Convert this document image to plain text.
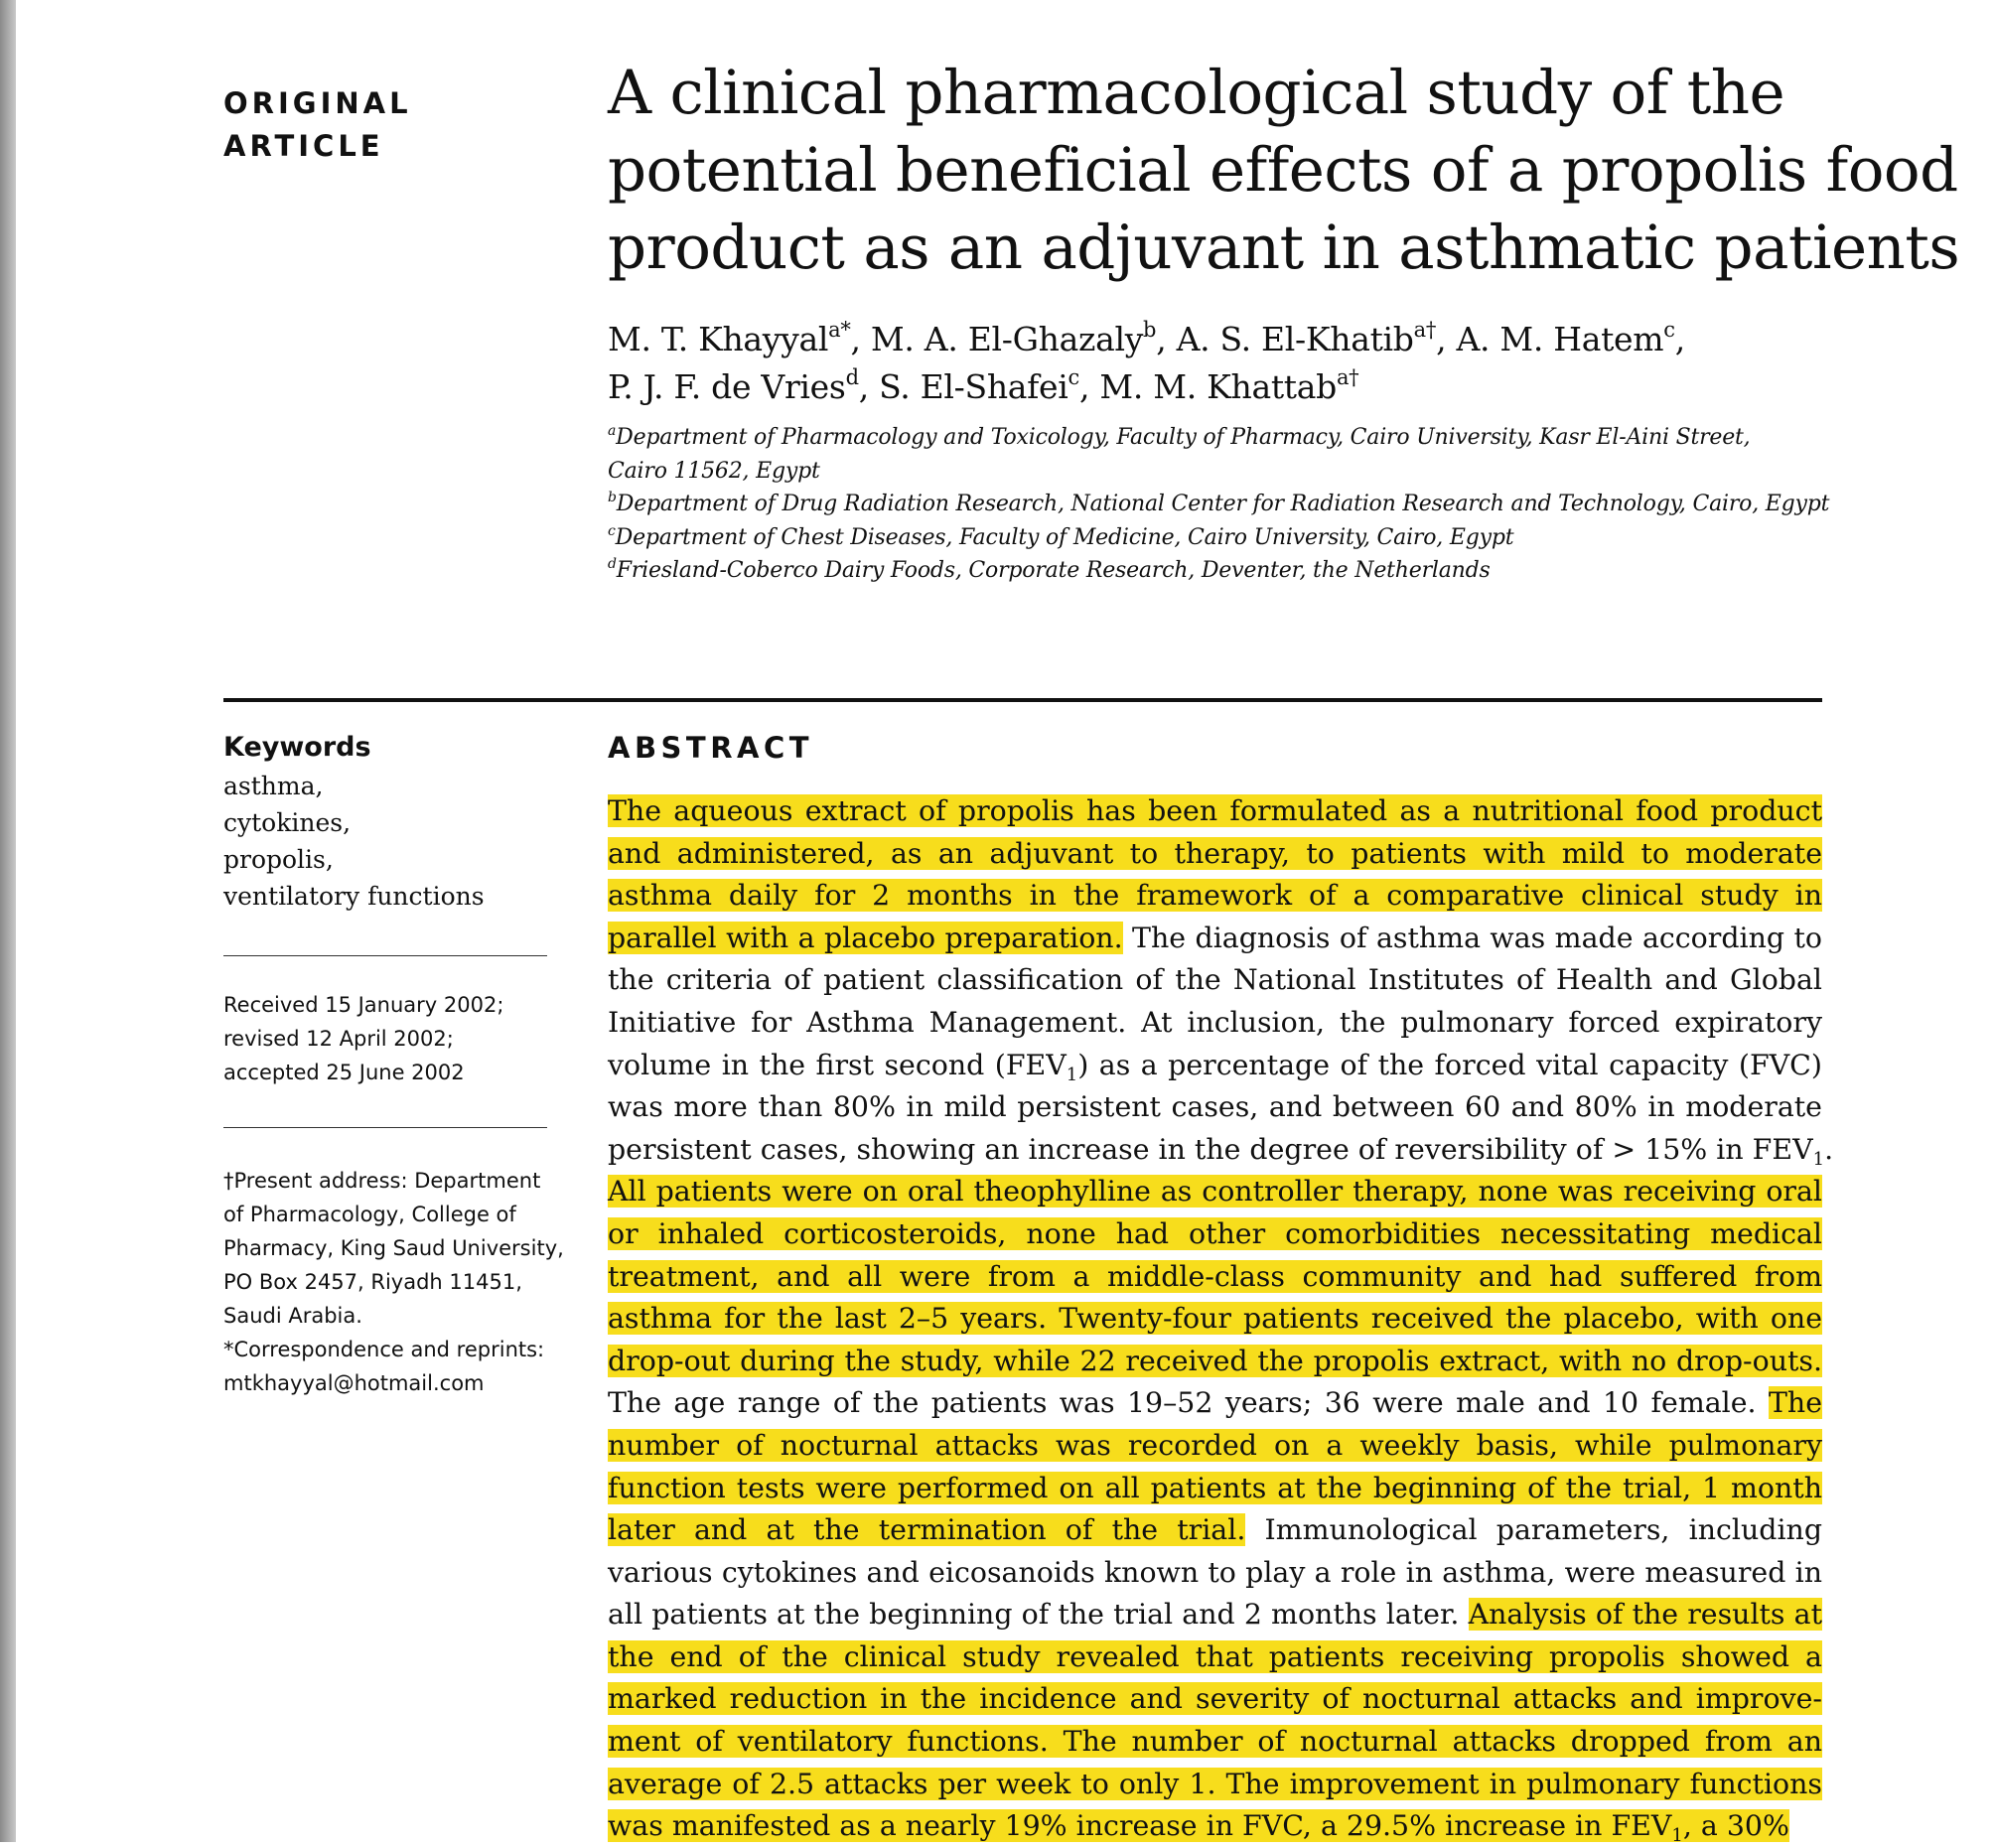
ORIGINAL
ARTICLE
A clinical pharmacological study of the
potential beneficial effects of a propolis food
product as an adjuvant in asthmatic patients
M. T. Khayyal$^{a*}$, M. A. El-Ghazaly$^b$, A. S. El-Khatib$^{a\dagger}$, A. M. Hatem$^c$,
P. J. F. de Vries$^d$, S. El-Shafei$^c$, M. M. Khattab$^{a\dagger}$
$^a$Department of Pharmacology and Toxicology, Faculty of Pharmacy, Cairo University, Kasr El-Aini Street,
Cairo 11562, Egypt
$^b$Department of Drug Radiation Research, National Center for Radiation Research and Technology, Cairo, Egypt
$^c$Department of Chest Diseases, Faculty of Medicine, Cairo University, Cairo, Egypt
$^d$Friesland-Coberco Dairy Foods, Corporate Research, Deventer, the Netherlands
Keywords
asthma,
cytokines,
propolis,
ventilatory functions
Received 15 January 2002;
revised 12 April 2002;
accepted 25 June 2002
†Present address: Department
of Pharmacology, College of
Pharmacy, King Saud University,
PO Box 2457, Riyadh 11451,
Saudi Arabia.
*Correspondence and reprints:
mtkhayyal@hotmail.com
ABSTRACT
The aqueous extract of propolis has been formulated as a nutritional food product
and administered, as an adjuvant to therapy, to patients with mild to moderate
asthma daily for 2 months in the framework of a comparative clinical study in
parallel with a placebo preparation. The diagnosis of asthma was made according to
the criteria of patient classification of the National Institutes of Health and Global
Initiative for Asthma Management. At inclusion, the pulmonary forced expiratory
volume in the first second $(FEV_1)$ as a percentage of the forced vital capacity (FVC)
was more than 80% in mild persistent cases, and between 60 and 80% in moderate
persistent cases, showing an increase in the degree of reversibility of > 15% in $FEV_1$.
All patients were on oral theophylline as controller therapy, none was receiving oral
or inhaled corticosteroids, none had other comorbidities necessitating medical
treatment, and all were from a middle-class community and had suffered from
asthma for the last 2–5 years. Twenty-four patients received the placebo, with one
drop-out during the study, while 22 received the propolis extract, with no drop-outs.
The age range of the patients was 19–52 years; 36 were male and 10 female. The
number of nocturnal attacks was recorded on a weekly basis, while pulmonary
function tests were performed on all patients at the beginning of the trial, 1 month
later and at the termination of the trial. Immunological parameters, including
various cytokines and eicosanoids known to play a role in asthma, were measured in
all patients at the beginning of the trial and 2 months later. Analysis of the results at
the end of the clinical study revealed that patients receiving propolis showed a
marked reduction in the incidence and severity of nocturnal attacks and improve-
ment of ventilatory functions. The number of nocturnal attacks dropped from an
average of 2.5 attacks per week to only 1. The improvement in pulmonary functions
was manifested as a nearly 19% increase in FVC, a 29.5% increase in $FEV_1$, a 30%
